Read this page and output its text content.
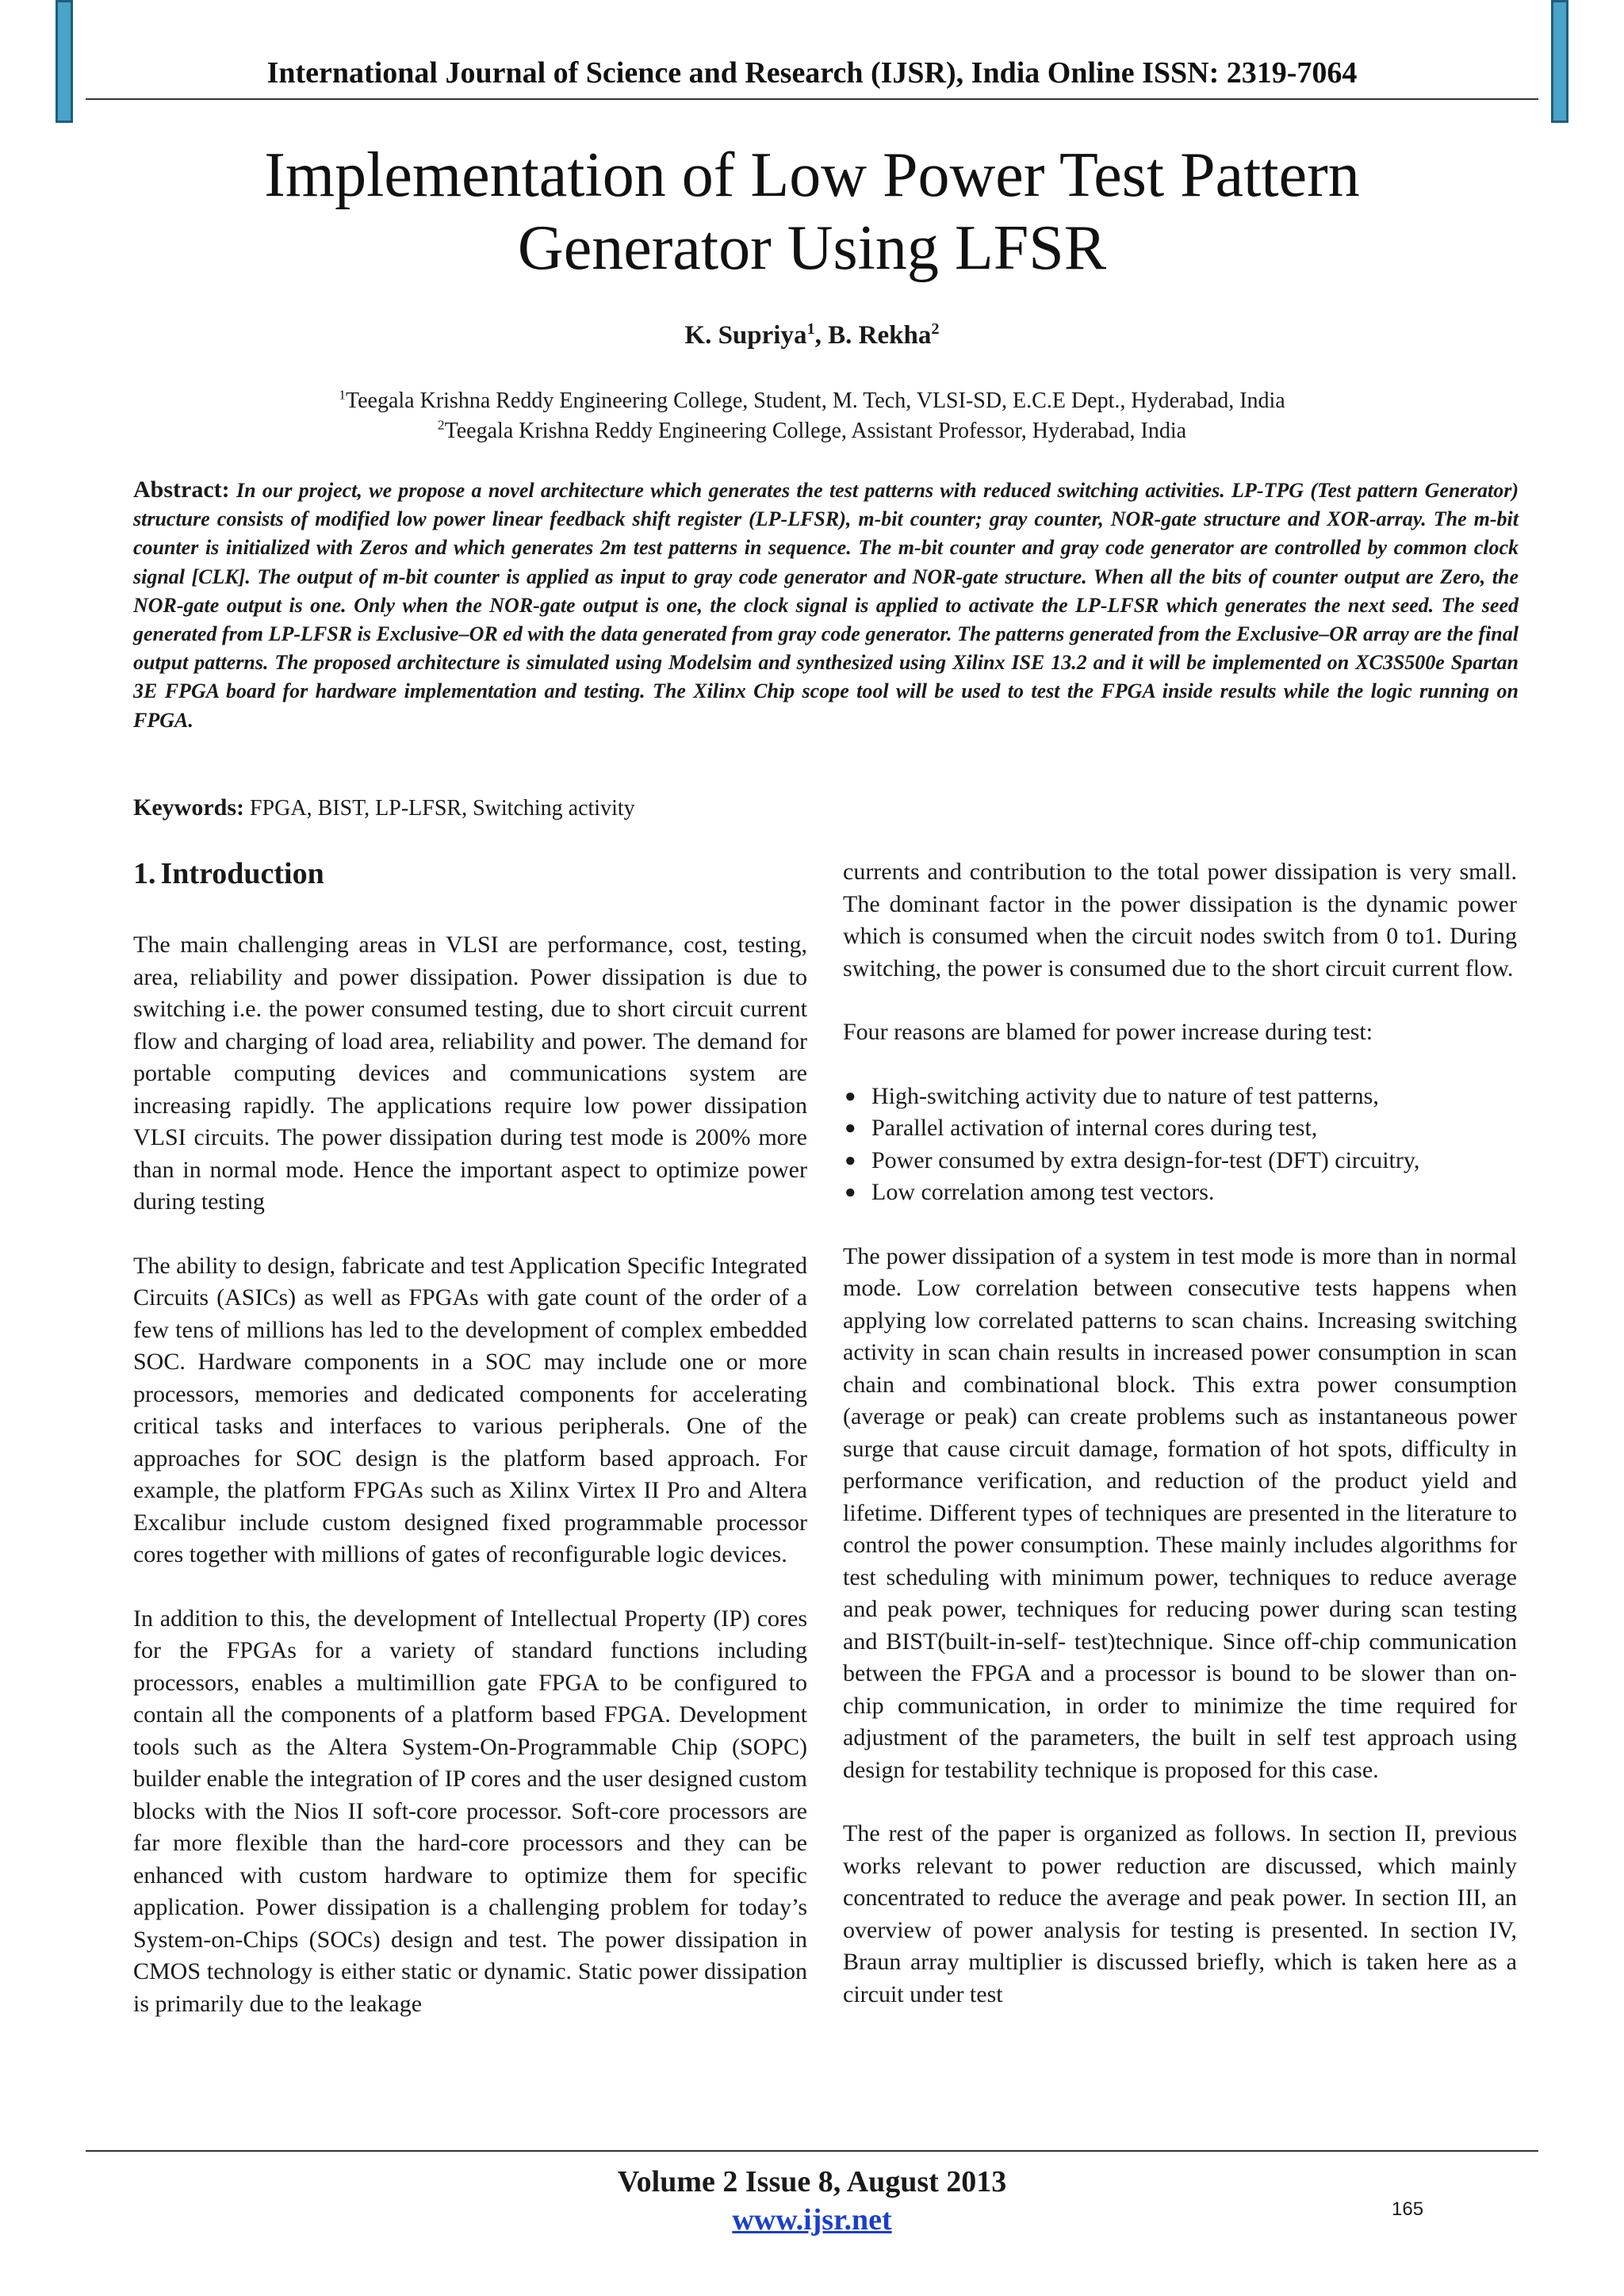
International Journal of Science and Research (IJSR), India Online ISSN: 2319-7064
Implementation of Low Power Test Pattern
Generator Using LFSR
K. Supriya$^1$, B. Rekha$^2$
$^1$Teegala Krishna Reddy Engineering College, Student, M. Tech, VLSI-SD, E.C.E Dept., Hyderabad, India
$^2$Teegala Krishna Reddy Engineering College, Assistant Professor, Hyderabad, India
Abstract: In our project, we propose a novel architecture which generates the test patterns with reduced switching activities. LP-TPG (Test pattern Generator) structure consists of modified low power linear feedback shift register (LP-LFSR), m-bit counter; gray counter, NOR-gate structure and XOR-array. The m-bit counter is initialized with Zeros and which generates 2m test patterns in sequence. The m-bit counter and gray code generator are controlled by common clock signal [CLK]. The output of m-bit counter is applied as input to gray code generator and NOR-gate structure. When all the bits of counter output are Zero, the NOR-gate output is one. Only when the NOR-gate output is one, the clock signal is applied to activate the LP-LFSR which generates the next seed. The seed generated from LP-LFSR is Exclusive–OR ed with the data generated from gray code generator. The patterns generated from the Exclusive–OR array are the final output patterns. The proposed architecture is simulated using Modelsim and synthesized using Xilinx ISE 13.2 and it will be implemented on XC3S500e Spartan 3E FPGA board for hardware implementation and testing. The Xilinx Chip scope tool will be used to test the FPGA inside results while the logic running on FPGA.
Keywords: FPGA, BIST, LP-LFSR, Switching activity
1. Introduction

The main challenging areas in VLSI are performance, cost, testing, area, reliability and power dissipation. Power dissipation is due to switching i.e. the power consumed testing, due to short circuit current flow and charging of load area, reliability and power. The demand for portable computing devices and communications system are increasing rapidly. The applications require low power dissipation VLSI circuits. The power dissipation during test mode is 200% more than in normal mode. Hence the important aspect to optimize power during testing

The ability to design, fabricate and test Application Specific Integrated Circuits (ASICs) as well as FPGAs with gate count of the order of a few tens of millions has led to the development of complex embedded SOC. Hardware components in a SOC may include one or more processors, memories and dedicated components for accelerating critical tasks and interfaces to various peripherals. One of the approaches for SOC design is the platform based approach. For example, the platform FPGAs such as Xilinx Virtex II Pro and Altera Excalibur include custom designed fixed programmable processor cores together with millions of gates of reconfigurable logic devices.

In addition to this, the development of Intellectual Property (IP) cores for the FPGAs for a variety of standard functions including processors, enables a multimillion gate FPGA to be configured to contain all the components of a platform based FPGA. Development tools such as the Altera System-On-Programmable Chip (SOPC) builder enable the integration of IP cores and the user designed custom blocks with the Nios II soft-core processor. Soft-core processors are far more flexible than the hard-core processors and they can be enhanced with custom hardware to optimize them for specific application. Power dissipation is a challenging problem for today’s System-on-Chips (SOCs) design and test. The power dissipation in CMOS technology is either static or dynamic. Static power dissipation is primarily due to the leakage

currents and contribution to the total power dissipation is very small. The dominant factor in the power dissipation is the dynamic power which is consumed when the circuit nodes switch from 0 to1. During switching, the power is consumed due to the short circuit current flow.

Four reasons are blamed for power increase during test:

● High-switching activity due to nature of test patterns,
● Parallel activation of internal cores during test,
● Power consumed by extra design-for-test (DFT) circuitry,
● Low correlation among test vectors.

The power dissipation of a system in test mode is more than in normal mode. Low correlation between consecutive tests happens when applying low correlated patterns to scan chains. Increasing switching activity in scan chain results in increased power consumption in scan chain and combinational block. This extra power consumption (average or peak) can create problems such as instantaneous power surge that cause circuit damage, formation of hot spots, difficulty in performance verification, and reduction of the product yield and lifetime. Different types of techniques are presented in the literature to control the power consumption. These mainly includes algorithms for test scheduling with minimum power, techniques to reduce average and peak power, techniques for reducing power during scan testing and BIST(built-in-self- test)technique. Since off-chip communication between the FPGA and a processor is bound to be slower than on- chip communication, in order to minimize the time required for adjustment of the parameters, the built in self test approach using design for testability technique is proposed for this case.

The rest of the paper is organized as follows. In section II, previous works relevant to power reduction are discussed, which mainly concentrated to reduce the average and peak power. In section III, an overview of power analysis for testing is presented. In section IV, Braun array multiplier is discussed briefly, which is taken here as a circuit under test

Volume 2 Issue 8, August 2013
www.ijsr.net	165
